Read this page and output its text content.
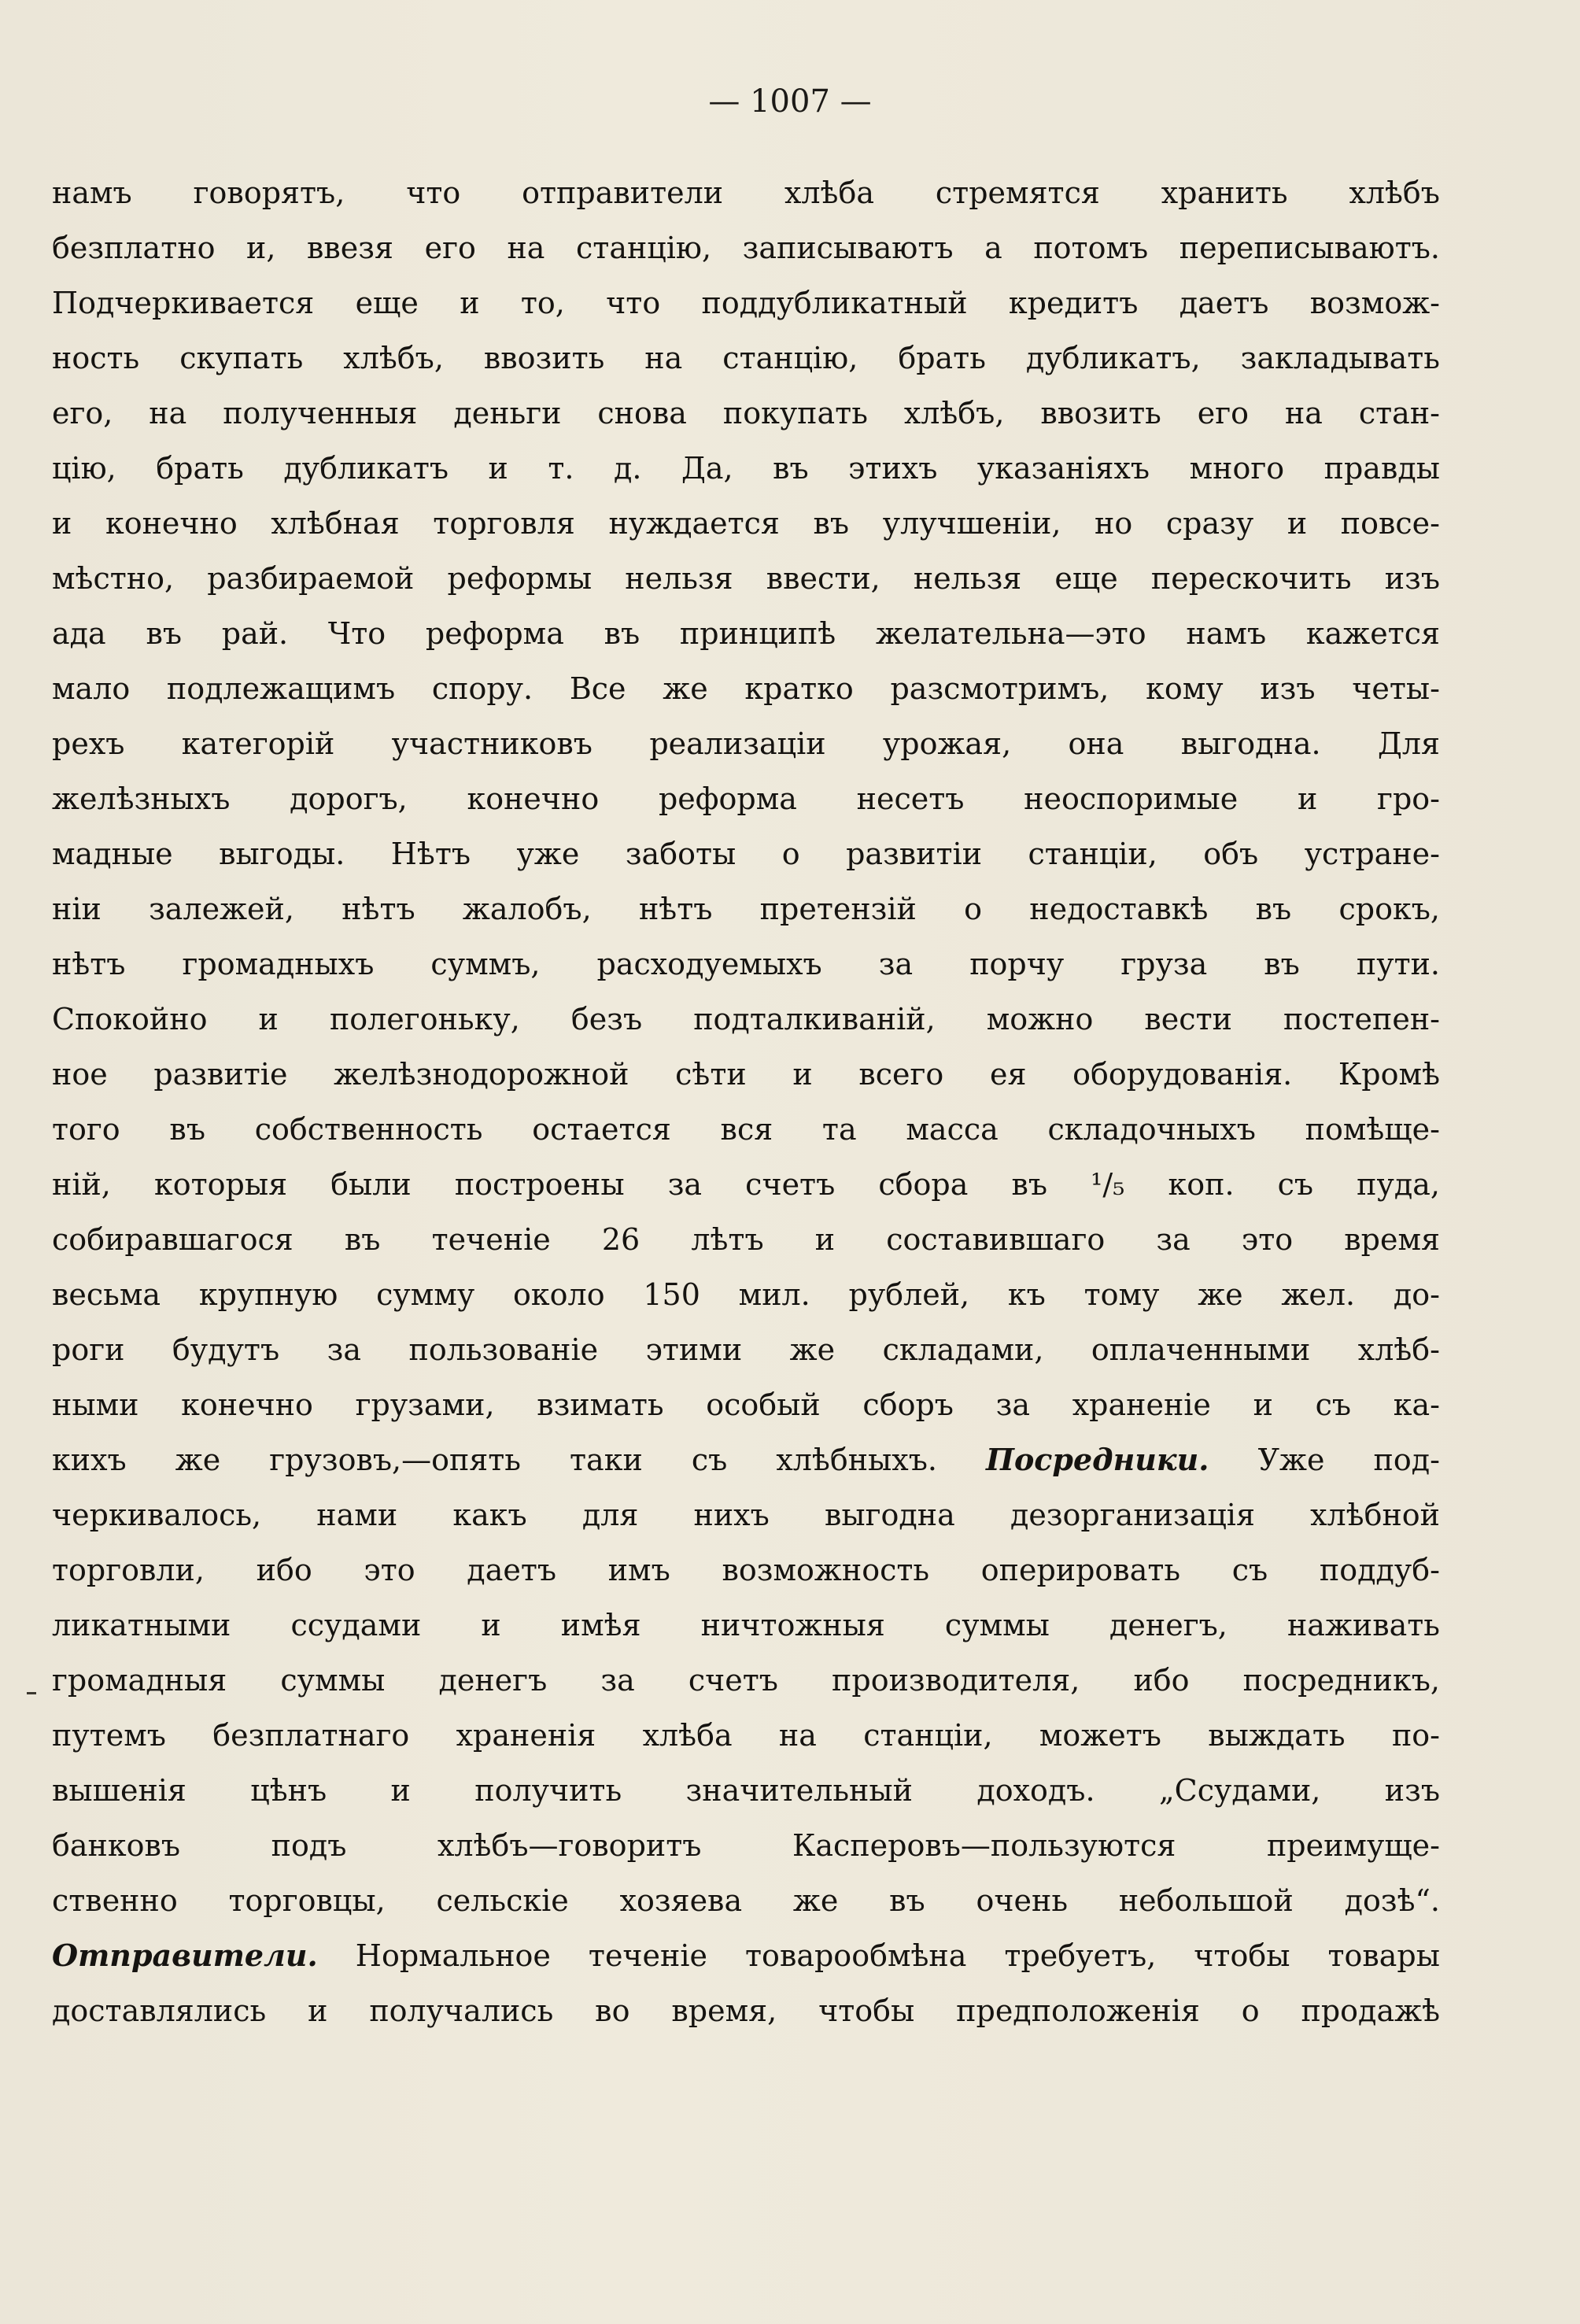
— 1007 —
намъ говорятъ, что отправители хлѣба стремятся хранить хлѣбъ
безплатно и, ввезя его на станцію, записываютъ а потомъ переписываютъ.
Подчеркивается еще и то, что поддубликатный кредитъ даетъ возмож-
ность скупать хлѣбъ, ввозить на станцію, брать дубликатъ, закладывать
его, на полученныя деньги снова покупать хлѣбъ, ввозить его на стан-
цію, брать дубликатъ и т. д. Да, въ этихъ указаніяхъ много правды
и конечно хлѣбная торговля нуждается въ улучшеніи, но сразу и повсе-
мѣстно, разбираемой реформы нельзя ввести, нельзя еще перескочить изъ
ада въ рай. Что реформа въ принципѣ желательна—это намъ кажется
мало подлежащимъ спору. Все же кратко разсмотримъ, кому изъ четы-
рехъ категорій участниковъ реализаціи урожая, она выгодна. Для
желѣзныхъ дорогъ, конечно реформа несетъ неоспоримые и гро-
мадные выгоды. Нѣтъ уже заботы о развитіи станціи, объ устране-
ніи залежей, нѣтъ жалобъ, нѣтъ претензій о недоставкѣ въ срокъ,
нѣтъ громадныхъ суммъ, расходуемыхъ за порчу груза въ пути.
Спокойно и полегоньку, безъ подталкиваній, можно вести постепен-
ное развитіе желѣзнодорожной сѣти и всего ея оборудованія. Кромѣ
того въ собственность остается вся та масса складочныхъ помѣще-
ній, которыя были построены за счетъ сбора въ ¹/₅ коп. съ пуда,
собиравшагося въ теченіе 26 лѣтъ и составившаго за это время
весьма крупную сумму около 150 мил. рублей, къ тому же жел. до-
роги будутъ за пользованіе этими же складами, оплаченными хлѣб-
ными конечно грузами, взимать особый сборъ за храненіе и съ ка-
кихъ же грузовъ,—опять таки съ хлѣбныхъ. Посредники. Уже под-
черкивалось, нами какъ для нихъ выгодна дезорганизація хлѣбной
торговли, ибо это даетъ имъ возможность оперировать съ поддуб-
ликатными ссудами и имѣя ничтожныя суммы денегъ, наживать
громадныя суммы денегъ за счетъ производителя, ибо посредникъ,
путемъ безплатнаго храненія хлѣба на станціи, можетъ выждать по-
вышенія цѣнъ и получить значительный доходъ. „Ссудами, изъ
банковъ подъ хлѣбъ—говоритъ Касперовъ—пользуются преимуще-
ственно торговцы, сельскіе хозяева же въ очень небольшой дозѣ“.
Отправители. Нормальное теченіе товарообмѣна требуетъ, чтобы товары
доставлялись и получались во время, чтобы предположенія о продажѣ
